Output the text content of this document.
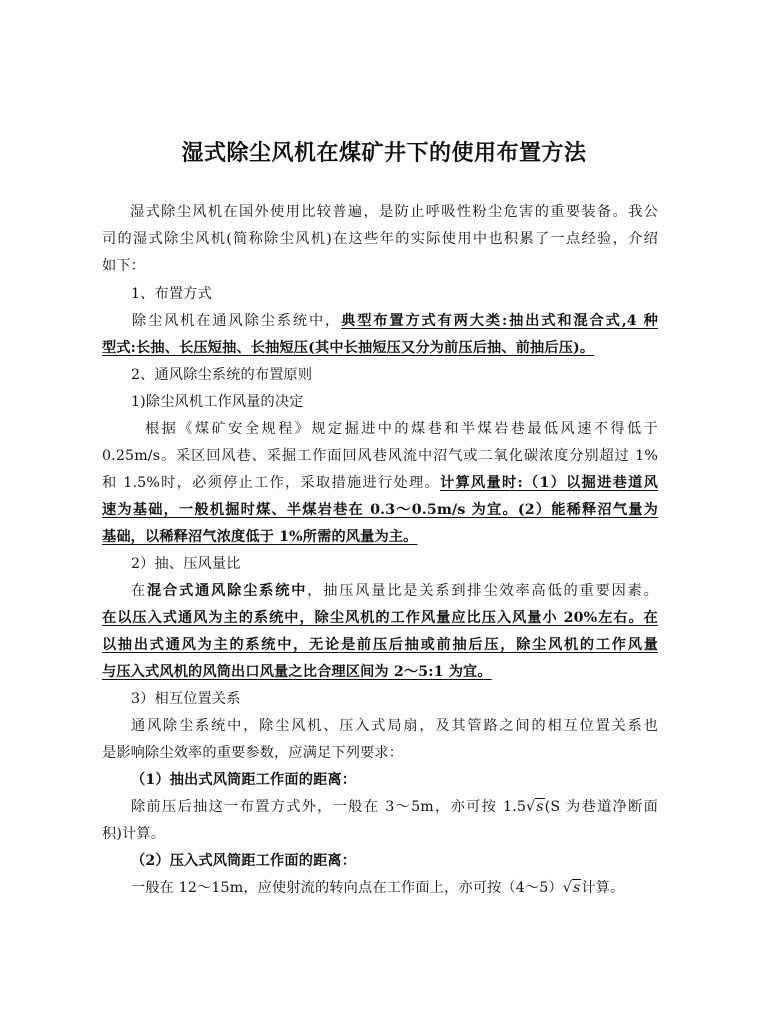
湿式除尘风机在煤矿井下的使用布置方法
湿式除尘风机在国外使用比较普遍，是防止呼吸性粉尘危害的重要装备。我公
司的湿式除尘风机(简称除尘风机)在这些年的实际使用中也积累了一点经验，介绍
如下：
1、布置方式
除尘风机在通风除尘系统中，典型布置方式有两大类:抽出式和混合式,4 种
型式:长抽、长压短抽、长抽短压(其中长抽短压又分为前压后抽、前抽后压)。
2、通风除尘系统的布置原则
1)除尘风机工作风量的决定
根据《煤矿安全规程》规定掘进中的煤巷和半煤岩巷最低风速不得低于
0.25m/s。采区回风巷、采掘工作面回风巷风流中沼气或二氧化碳浓度分别超过 1%
和 1.5%时，必须停止工作，采取措施进行处理。计算风量时:（1）以掘进巷道风
速为基础，一般机掘时煤、半煤岩巷在 0.3～0.5m/s 为宜。(2）能稀释沼气量为
基础，以稀释沼气浓度低于 1%所需的风量为主。
2）抽、压风量比
在混合式通风除尘系统中，抽压风量比是关系到排尘效率高低的重要因素。
在以压入式通风为主的系统中，除尘风机的工作风量应比压入风量小 20%左右。在
以抽出式通风为主的系统中，无论是前压后抽或前抽后压，除尘风机的工作风量
与压入式风机的风筒出口风量之比合理区间为 2～5:1 为宜。
3）相互位置关系
通风除尘系统中，除尘风机、压入式局扇，及其管路之间的相互位置关系也
是影响除尘效率的重要参数，应满足下列要求：
（1）抽出式风筒距工作面的距离：
除前压后抽这一布置方式外，一般在 3～5m，亦可按 1.5√s(S 为巷道净断面
积)计算。
（2）压入式风筒距工作面的距离：
一般在 12～15m，应使射流的转向点在工作面上，亦可按（4～5）√s计算。
